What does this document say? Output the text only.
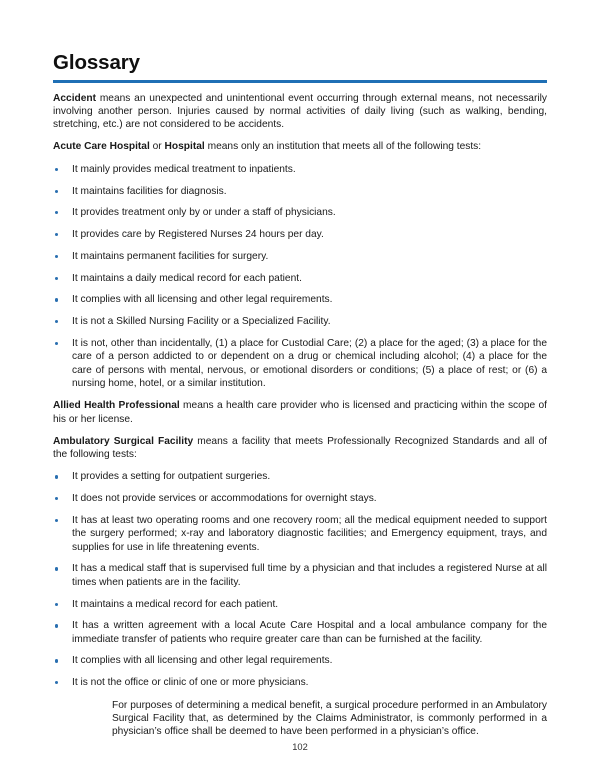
Glossary

Accident means an unexpected and unintentional event occurring through external means, not necessarily involving another person. Injuries caused by normal activities of daily living (such as walking, bending, stretching, etc.) are not considered to be accidents.

Acute Care Hospital or Hospital means only an institution that meets all of the following tests:

It mainly provides medical treatment to inpatients.
It maintains facilities for diagnosis.
It provides treatment only by or under a staff of physicians.
It provides care by Registered Nurses 24 hours per day.
It maintains permanent facilities for surgery.
It maintains a daily medical record for each patient.
It complies with all licensing and other legal requirements.
It is not a Skilled Nursing Facility or a Specialized Facility.
It is not, other than incidentally, (1) a place for Custodial Care; (2) a place for the aged; (3) a place for the care of a person addicted to or dependent on a drug or chemical including alcohol; (4) a place for the care of persons with mental, nervous, or emotional disorders or conditions; (5) a place of rest; or (6) a nursing home, hotel, or a similar institution.

Allied Health Professional means a health care provider who is licensed and practicing within the scope of his or her license.

Ambulatory Surgical Facility means a facility that meets Professionally Recognized Standards and all of the following tests:

It provides a setting for outpatient surgeries.
It does not provide services or accommodations for overnight stays.
It has at least two operating rooms and one recovery room; all the medical equipment needed to support the surgery performed; x-ray and laboratory diagnostic facilities; and Emergency equipment, trays, and supplies for use in life threatening events.
It has a medical staff that is supervised full time by a physician and that includes a registered Nurse at all times when patients are in the facility.
It maintains a medical record for each patient.
It has a written agreement with a local Acute Care Hospital and a local ambulance company for the immediate transfer of patients who require greater care than can be furnished at the facility.
It complies with all licensing and other legal requirements.
It is not the office or clinic of one or more physicians.
For purposes of determining a medical benefit, a surgical procedure performed in an Ambulatory Surgical Facility that, as determined by the Claims Administrator, is commonly performed in a physician’s office shall be deemed to have been performed in a physician’s office.
102
